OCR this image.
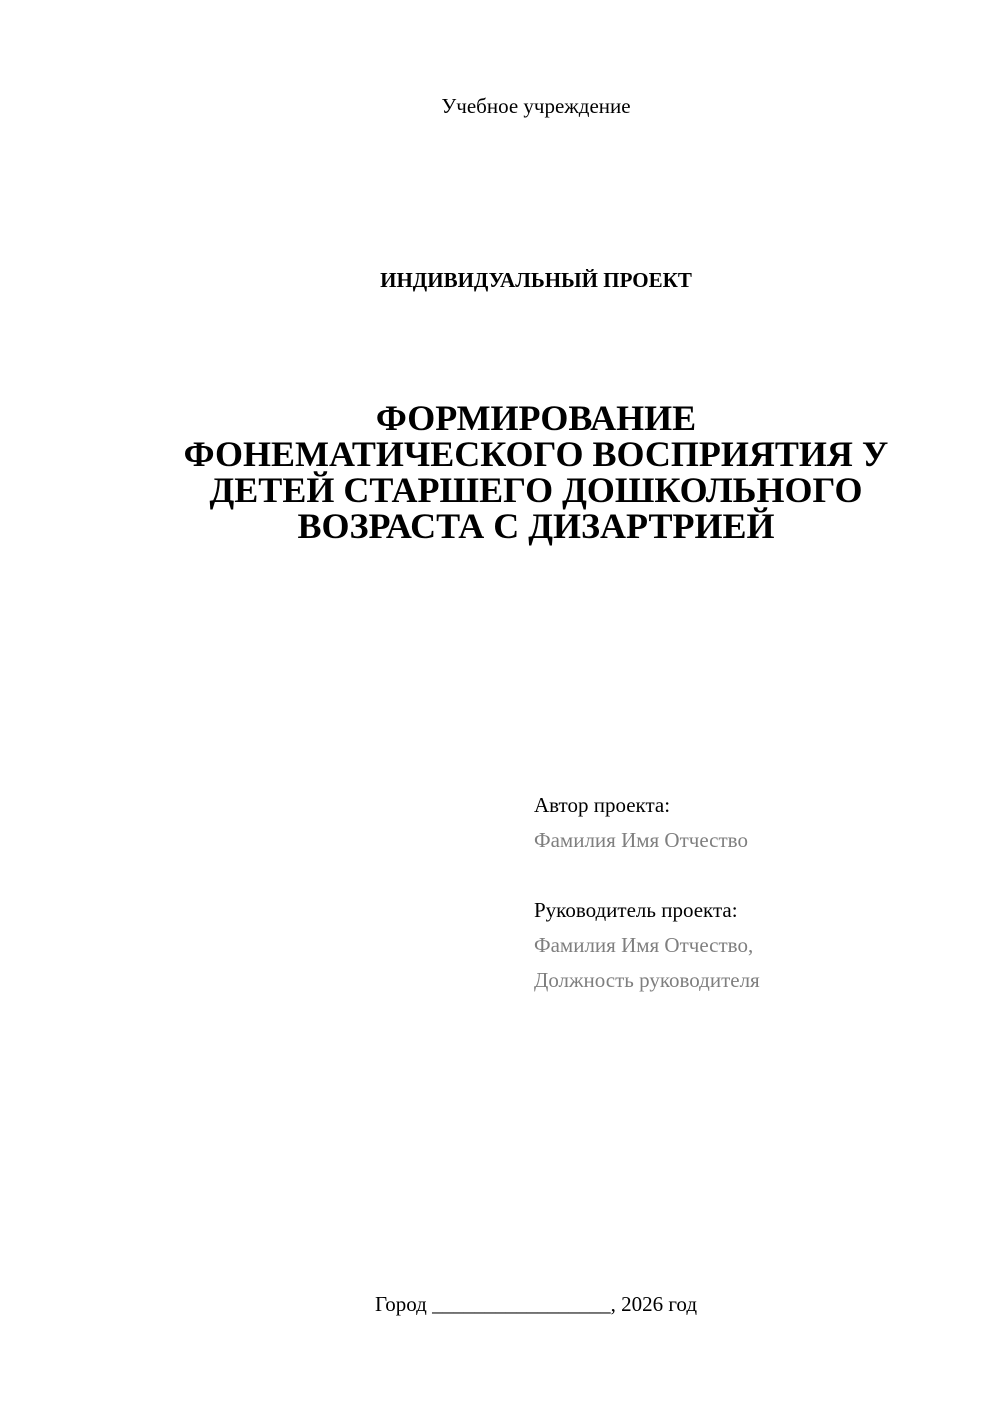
Учебное учреждение
ИНДИВИДУАЛЬНЫЙ ПРОЕКТ
ФОРМИРОВАНИЕ
ФОНЕМАТИЧЕСКОГО ВОСПРИЯТИЯ У
ДЕТЕЙ СТАРШЕГО ДОШКОЛЬНОГО
ВОЗРАСТА С ДИЗАРТРИЕЙ
Автор проекта:
Фамилия Имя Отчество
Руководитель проекта:
Фамилия Имя Отчество,
Должность руководителя
Город _________________, 2026 год
